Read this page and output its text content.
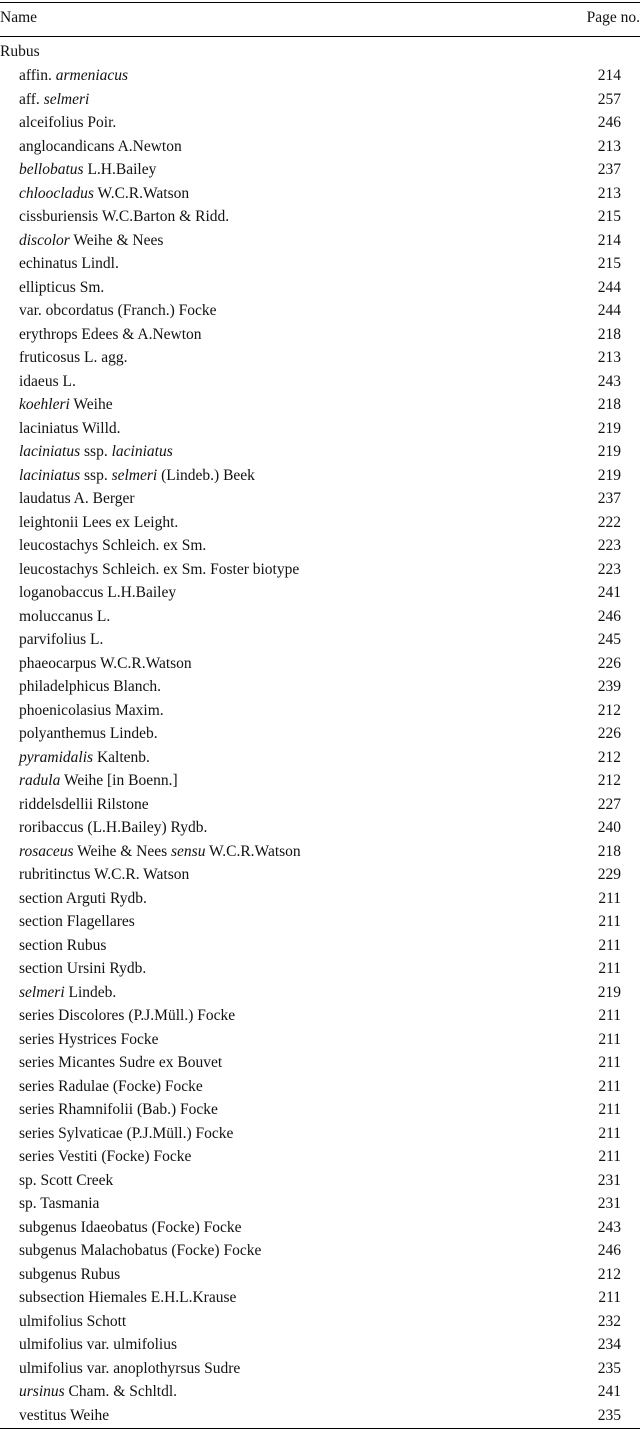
Name	Page no.
Rubus
affin. armeniacus	214
aff. selmeri	257
alceifolius Poir.	246
anglocandicans A.Newton	213
bellobatus L.H.Bailey	237
chloocladus W.C.R.Watson	213
cissburiensis W.C.Barton & Ridd.	215
discolor Weihe & Nees	214
echinatus Lindl.	215
ellipticus Sm.	244
var. obcordatus (Franch.) Focke	244
erythrops Edees & A.Newton	218
fruticosus L. agg.	213
idaeus L.	243
koehleri Weihe	218
laciniatus Willd.	219
laciniatus ssp. laciniatus	219
laciniatus ssp. selmeri (Lindeb.) Beek	219
laudatus A. Berger	237
leightonii Lees ex Leight.	222
leucostachys Schleich. ex Sm.	223
leucostachys Schleich. ex Sm. Foster biotype	223
loganobaccus L.H.Bailey	241
moluccanus L.	246
parvifolius L.	245
phaeocarpus W.C.R.Watson	226
philadelphicus Blanch.	239
phoenicolasius Maxim.	212
polyanthemus Lindeb.	226
pyramidalis Kaltenb.	212
radula Weihe [in Boenn.]	212
riddelsdellii Rilstone	227
roribaccus (L.H.Bailey) Rydb.	240
rosaceus Weihe & Nees sensu W.C.R.Watson	218
rubritinctus W.C.R. Watson	229
section Arguti Rydb.	211
section Flagellares	211
section Rubus	211
section Ursini Rydb.	211
selmeri Lindeb.	219
series Discolores (P.J.Müll.) Focke	211
series Hystrices Focke	211
series Micantes Sudre ex Bouvet	211
series Radulae (Focke) Focke	211
series Rhamnifolii (Bab.) Focke	211
series Sylvaticae (P.J.Müll.) Focke	211
series Vestiti (Focke) Focke	211
sp. Scott Creek	231
sp. Tasmania	231
subgenus Idaeobatus (Focke) Focke	243
subgenus Malachobatus (Focke) Focke	246
subgenus Rubus	212
subsection Hiemales E.H.L.Krause	211
ulmifolius Schott	232
ulmifolius var. ulmifolius	234
ulmifolius var. anoplothyrsus Sudre	235
ursinus Cham. & Schltdl.	241
vestitus Weihe	235
